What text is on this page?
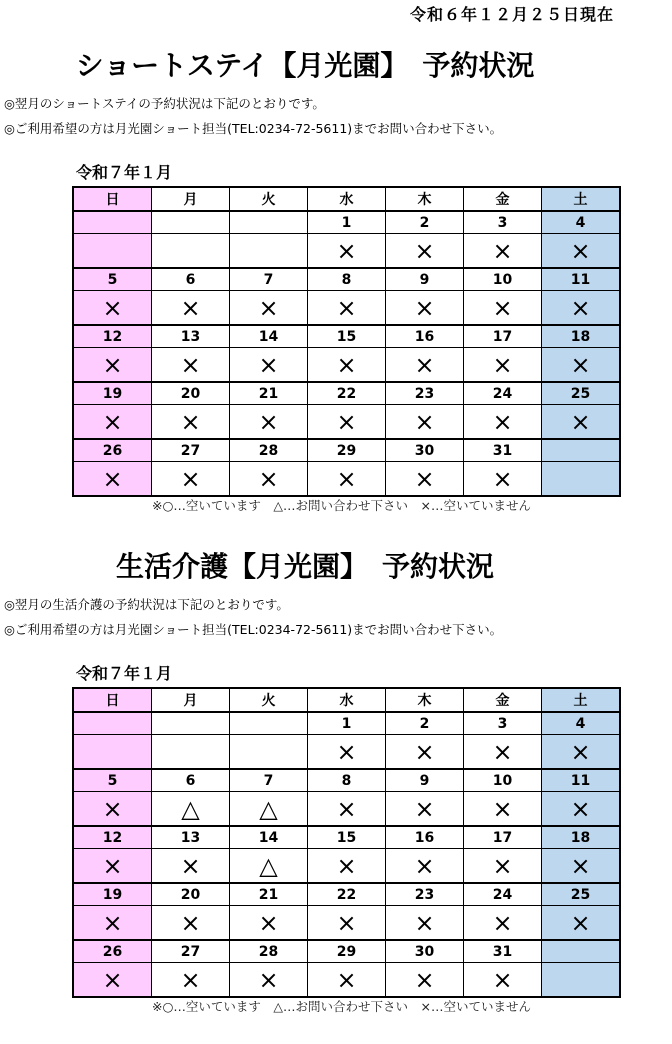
令和６年１２月２５日現在
ショートステイ【月光園】　予約状況
◎翌月のショートステイの予約状況は下記のとおりです。
◎ご利用希望の方は月光園ショート担当(TEL:0234-72-5611)までお問い合わせ下さい。
令和７年１月
日	月	火	水	木	金	土
			1	2	3	4
			×	×	×	×
5	6	7	8	9	10	11
×	×	×	×	×	×	×
12	13	14	15	16	17	18
×	×	×	×	×	×	×
19	20	21	22	23	24	25
×	×	×	×	×	×	×
26	27	28	29	30	31	
×	×	×	×	×	×	
※○…空いています　△…お問い合わせ下さい　×…空いていません
生活介護【月光園】　予約状況
◎翌月の生活介護の予約状況は下記のとおりです。
◎ご利用希望の方は月光園ショート担当(TEL:0234-72-5611)までお問い合わせ下さい。
令和７年１月
日	月	火	水	木	金	土
			1	2	3	4
			×	×	×	×
5	6	7	8	9	10	11
×	△	△	×	×	×	×
12	13	14	15	16	17	18
×	×	△	×	×	×	×
19	20	21	22	23	24	25
×	×	×	×	×	×	×
26	27	28	29	30	31	
×	×	×	×	×	×	
※○…空いています　△…お問い合わせ下さい　×…空いていません
